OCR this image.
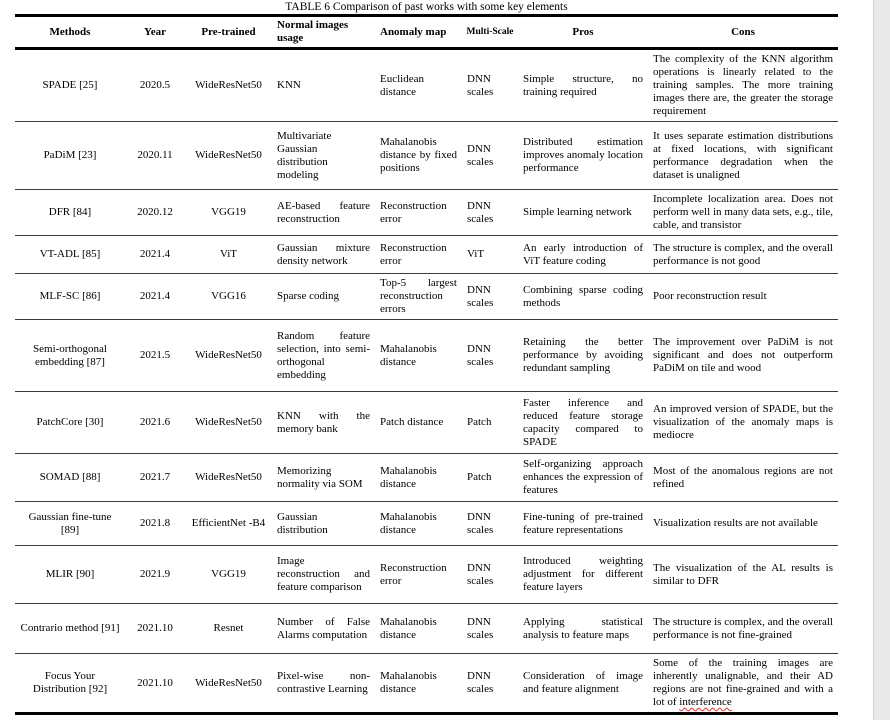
TABLE 6 Comparison of past works with some key elements
Methods	Year	Pre-trained	Normal images usage	Anomaly map	Multi-Scale	Pros	Cons
SPADE [25]	2020.5	WideResNet50	KNN	Euclidean distance	DNN scales	Simple structure, no training required	The complexity of the KNN algorithm operations is linearly related to the training samples. The more training images there are, the greater the storage requirement
PaDiM [23]	2020.11	WideResNet50	Multivariate Gaussian distribution modeling	Mahalanobis distance by fixed positions	DNN scales	Distributed estimation improves anomaly location performance	It uses separate estimation distributions at fixed locations, with significant performance degradation when the dataset is unaligned
DFR [84]	2020.12	VGG19	AE-based feature reconstruction	Reconstruction error	DNN scales	Simple learning network	Incomplete localization area. Does not perform well in many data sets, e.g., tile, cable, and transistor
VT-ADL [85]	2021.4	ViT	Gaussian mixture density network	Reconstruction error	ViT	An early introduction of ViT feature coding	The structure is complex, and the overall performance is not good
MLF-SC [86]	2021.4	VGG16	Sparse coding	Top-5 largest reconstruction errors	DNN scales	Combining sparse coding methods	Poor reconstruction result
Semi-orthogonal embedding [87]	2021.5	WideResNet50	Random feature selection, into semi-orthogonal embedding	Mahalanobis distance	DNN scales	Retaining the better performance by avoiding redundant sampling	The improvement over PaDiM is not significant and does not outperform PaDiM on tile and wood
PatchCore [30]	2021.6	WideResNet50	KNN with the memory bank	Patch distance	Patch	Faster inference and reduced feature storage capacity compared to SPADE	An improved version of SPADE, but the visualization of the anomaly maps is mediocre
SOMAD [88]	2021.7	WideResNet50	Memorizing normality via SOM	Mahalanobis distance	Patch	Self-organizing approach enhances the expression of features	Most of the anomalous regions are not refined
Gaussian fine-tune [89]	2021.8	EfficientNet -B4	Gaussian distribution	Mahalanobis distance	DNN scales	Fine-tuning of pre-trained feature representations	Visualization results are not available
MLIR [90]	2021.9	VGG19	Image reconstruction and feature comparison	Reconstruction error	DNN scales	Introduced weighting adjustment for different feature layers	The visualization of the AL results is similar to DFR
Contrario method [91]	2021.10	Resnet	Number of False Alarms computation	Mahalanobis distance	DNN scales	Applying statistical analysis to feature maps	The structure is complex, and the overall performance is not fine-grained
Focus Your Distribution [92]	2021.10	WideResNet50	Pixel-wise non-contrastive Learning	Mahalanobis distance	DNN scales	Consideration of image and feature alignment	Some of the training images are inherently unalignable, and their AD regions are not fine-grained and with a lot of interference
